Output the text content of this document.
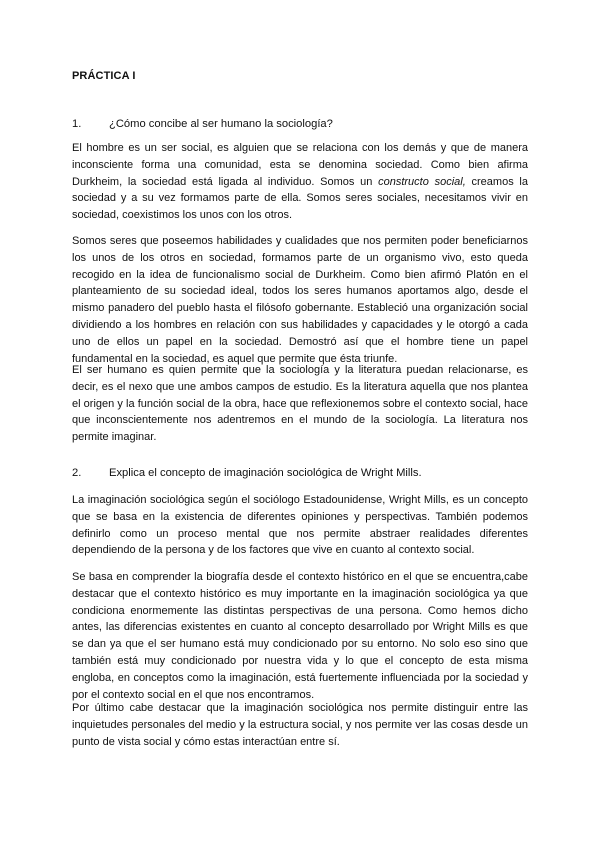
PRÁCTICA I
1. ¿Cómo concibe al ser humano la sociología?
El hombre es un ser social, es alguien que se relaciona con los demás y que de manera inconsciente forma una comunidad, esta se denomina sociedad. Como bien afirma Durkheim, la sociedad está ligada al individuo. Somos un constructo social, creamos la sociedad y a su vez formamos parte de ella. Somos seres sociales, necesitamos vivir en sociedad, coexistimos los unos con los otros.
Somos seres que poseemos habilidades y cualidades que nos permiten poder beneficiarnos los unos de los otros en sociedad, formamos parte de un organismo vivo, esto queda recogido en la idea de funcionalismo social de Durkheim. Como bien afirmó Platón en el planteamiento de su sociedad ideal, todos los seres humanos aportamos algo, desde el mismo panadero del pueblo hasta el filósofo gobernante. Estableció una organización social dividiendo a los hombres en relación con sus habilidades y capacidades y le otorgó a cada uno de ellos un papel en la sociedad. Demostró así que el hombre tiene un papel fundamental en la sociedad, es aquel que permite que ésta triunfe.
El ser humano es quien permite que la sociología y la literatura puedan relacionarse, es decir, es el nexo que une ambos campos de estudio. Es la literatura aquella que nos plantea el origen y la función social de la obra, hace que reflexionemos sobre el contexto social, hace que inconscientemente nos adentremos en el mundo de la sociología. La literatura nos permite imaginar.
2. Explica el concepto de imaginación sociológica de Wright Mills.
La imaginación sociológica según el sociólogo Estadounidense, Wright Mills, es un concepto que se basa en la existencia de diferentes opiniones y perspectivas. También podemos definirlo como un proceso mental que nos permite abstraer realidades diferentes dependiendo de la persona y de los factores que vive en cuanto al contexto social.
Se basa en comprender la biografía desde el contexto histórico en el que se encuentra,cabe destacar que el contexto histórico es muy importante en la imaginación sociológica ya que condiciona enormemente las distintas perspectivas de una persona. Como hemos dicho antes, las diferencias existentes en cuanto al concepto desarrollado por Wright Mills es que se dan ya que el ser humano está muy condicionado por su entorno. No solo eso sino que también está muy condicionado por nuestra vida y lo que el concepto de esta misma engloba, en conceptos como la imaginación, está fuertemente influenciada por la sociedad y por el contexto social en el que nos encontramos.
Por último cabe destacar que la imaginación sociológica nos permite distinguir entre las inquietudes personales del medio y la estructura social, y nos permite ver las cosas desde un punto de vista social y cómo estas interactúan entre sí.
